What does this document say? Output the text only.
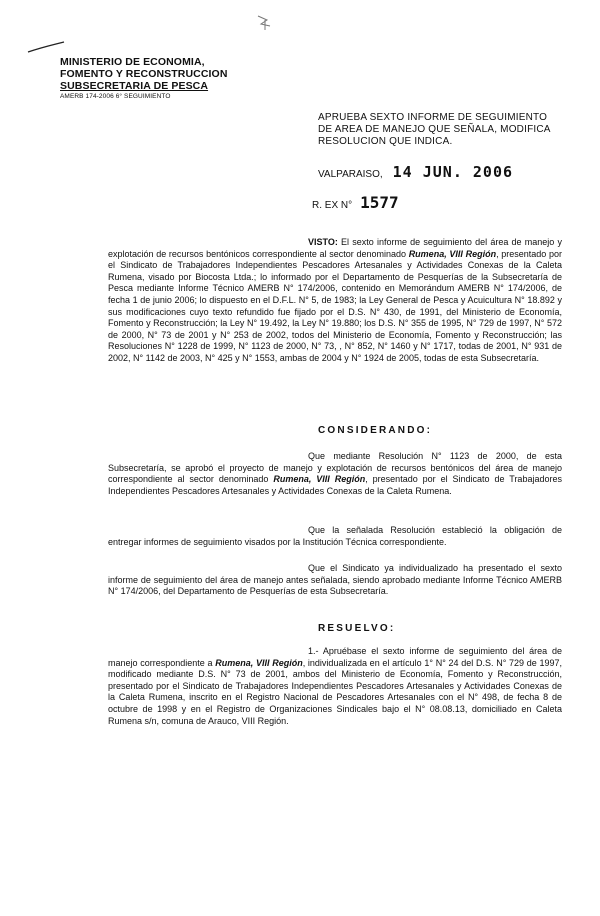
MINISTERIO DE ECONOMIA,
FOMENTO Y RECONSTRUCCION
SUBSECRETARIA DE PESCA
AMERB 174-2006 6° SEGUIMIENTO
APRUEBA SEXTO INFORME DE SEGUIMIENTO
DE AREA DE MANEJO QUE SEÑALA, MODIFICA
RESOLUCION QUE INDICA.
VALPARAISO, 14 JUN. 2006
R. EX N° 1577
VISTO: El sexto informe de seguimiento del área de manejo y explotación de recursos bentónicos correspondiente al sector denominado Rumena, VIII Región, presentado por el Sindicato de Trabajadores Independientes Pescadores Artesanales y Actividades Conexas de la Caleta Rumena, visado por Biocosta Ltda.; lo informado por el Departamento de Pesquerías de la Subsecretaría de Pesca mediante Informe Técnico AMERB N° 174/2006, contenido en Memorándum AMERB N° 174/2006, de fecha 1 de junio 2006; lo dispuesto en el D.F.L. N° 5, de 1983; la Ley General de Pesca y Acuicultura N° 18.892 y sus modificaciones cuyo texto refundido fue fijado por el D.S. N° 430, de 1991, del Ministerio de Economía, Fomento y Reconstrucción; la Ley N° 19.492, la Ley N° 19.880; los D.S. N° 355 de 1995, N° 729 de 1997, N° 572 de 2000, N° 73 de 2001 y N° 253 de 2002, todos del Ministerio de Economía, Fomento y Reconstrucción; las Resoluciones N° 1228 de 1999, N° 1123 de 2000, N° 73, , N° 852, N° 1460 y N° 1717, todas de 2001, N° 931 de 2002, N° 1142 de 2003, N° 425 y N° 1553, ambas de 2004 y N° 1924 de 2005, todas de esta Subsecretaría.
CONSIDERANDO:
Que mediante Resolución N° 1123 de 2000, de esta Subsecretaría, se aprobó el proyecto de manejo y explotación de recursos bentónicos del área de manejo correspondiente al sector denominado Rumena, VIII Región, presentado por el Sindicato de Trabajadores Independientes Pescadores Artesanales y Actividades Conexas de la Caleta Rumena.
Que la señalada Resolución estableció la obligación de entregar informes de seguimiento visados por la Institución Técnica correspondiente.
Que el Sindicato ya individualizado ha presentado el sexto informe de seguimiento del área de manejo antes señalada, siendo aprobado mediante Informe Técnico AMERB N° 174/2006, del Departamento de Pesquerías de esta Subsecretaría.
RESUELVO:
1.- Apruébase el sexto informe de seguimiento del área de manejo correspondiente a Rumena, VIII Región, individualizada en el artículo 1° N° 24 del D.S. N° 729 de 1997, modificado mediante D.S. N° 73 de 2001, ambos del Ministerio de Economía, Fomento y Reconstrucción, presentado por el Sindicato de Trabajadores Independientes Pescadores Artesanales y Actividades Conexas de la Caleta Rumena, inscrito en el Registro Nacional de Pescadores Artesanales con el N° 498, de fecha 8 de octubre de 1998 y en el Registro de Organizaciones Sindicales bajo el N° 08.08.13, domiciliado en Caleta Rumena s/n, comuna de Arauco, VIII Región.
